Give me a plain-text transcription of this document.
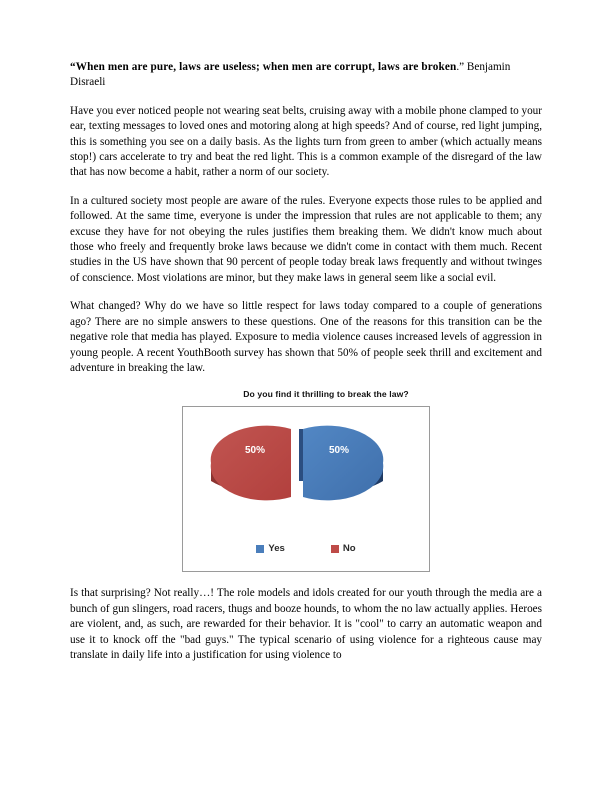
“When men are pure, laws are useless; when men are corrupt, laws are broken.” Benjamin Disraeli

Have you ever noticed people not wearing seat belts, cruising away with a mobile phone clamped to your ear, texting messages to loved ones and motoring along at high speeds? And of course, red light jumping, this is something you see on a daily basis. As the lights turn from green to amber (which actually means stop!) cars accelerate to try and beat the red light. This is a common example of the disregard of the law that has now become a habit, rather a norm of our society.

In a cultured society most people are aware of the rules. Everyone expects those rules to be applied and followed. At the same time, everyone is under the impression that rules are not applicable to them; any excuse they have for not obeying the rules justifies them breaking them. We didn't know much about those who freely and frequently broke laws because we didn't come in contact with them much. Recent studies in the US have shown that 90 percent of people today break laws frequently and without twinges of conscience. Most violations are minor, but they make laws in general seem like a social evil.

What changed? Why do we have so little respect for laws today compared to a couple of generations ago? There are no simple answers to these questions. One of the reasons for this transition can be the negative role that media has played. Exposure to media violence causes increased levels of aggression in young people. A recent YouthBooth survey has shown that 50% of people seek thrill and excitement and adventure in breaking the law.

Do you find it thrilling to break the law?
50%	50%
Yes	No

Is that surprising? Not really…! The role models and idols created for our youth through the media are a bunch of gun slingers, road racers, thugs and booze hounds, to whom the no law actually applies. Heroes are violent, and, as such, are rewarded for their behavior. It is "cool" to carry an automatic weapon and use it to knock off the "bad guys." The typical scenario of using violence for a righteous cause may translate in daily life into a justification for using violence to
